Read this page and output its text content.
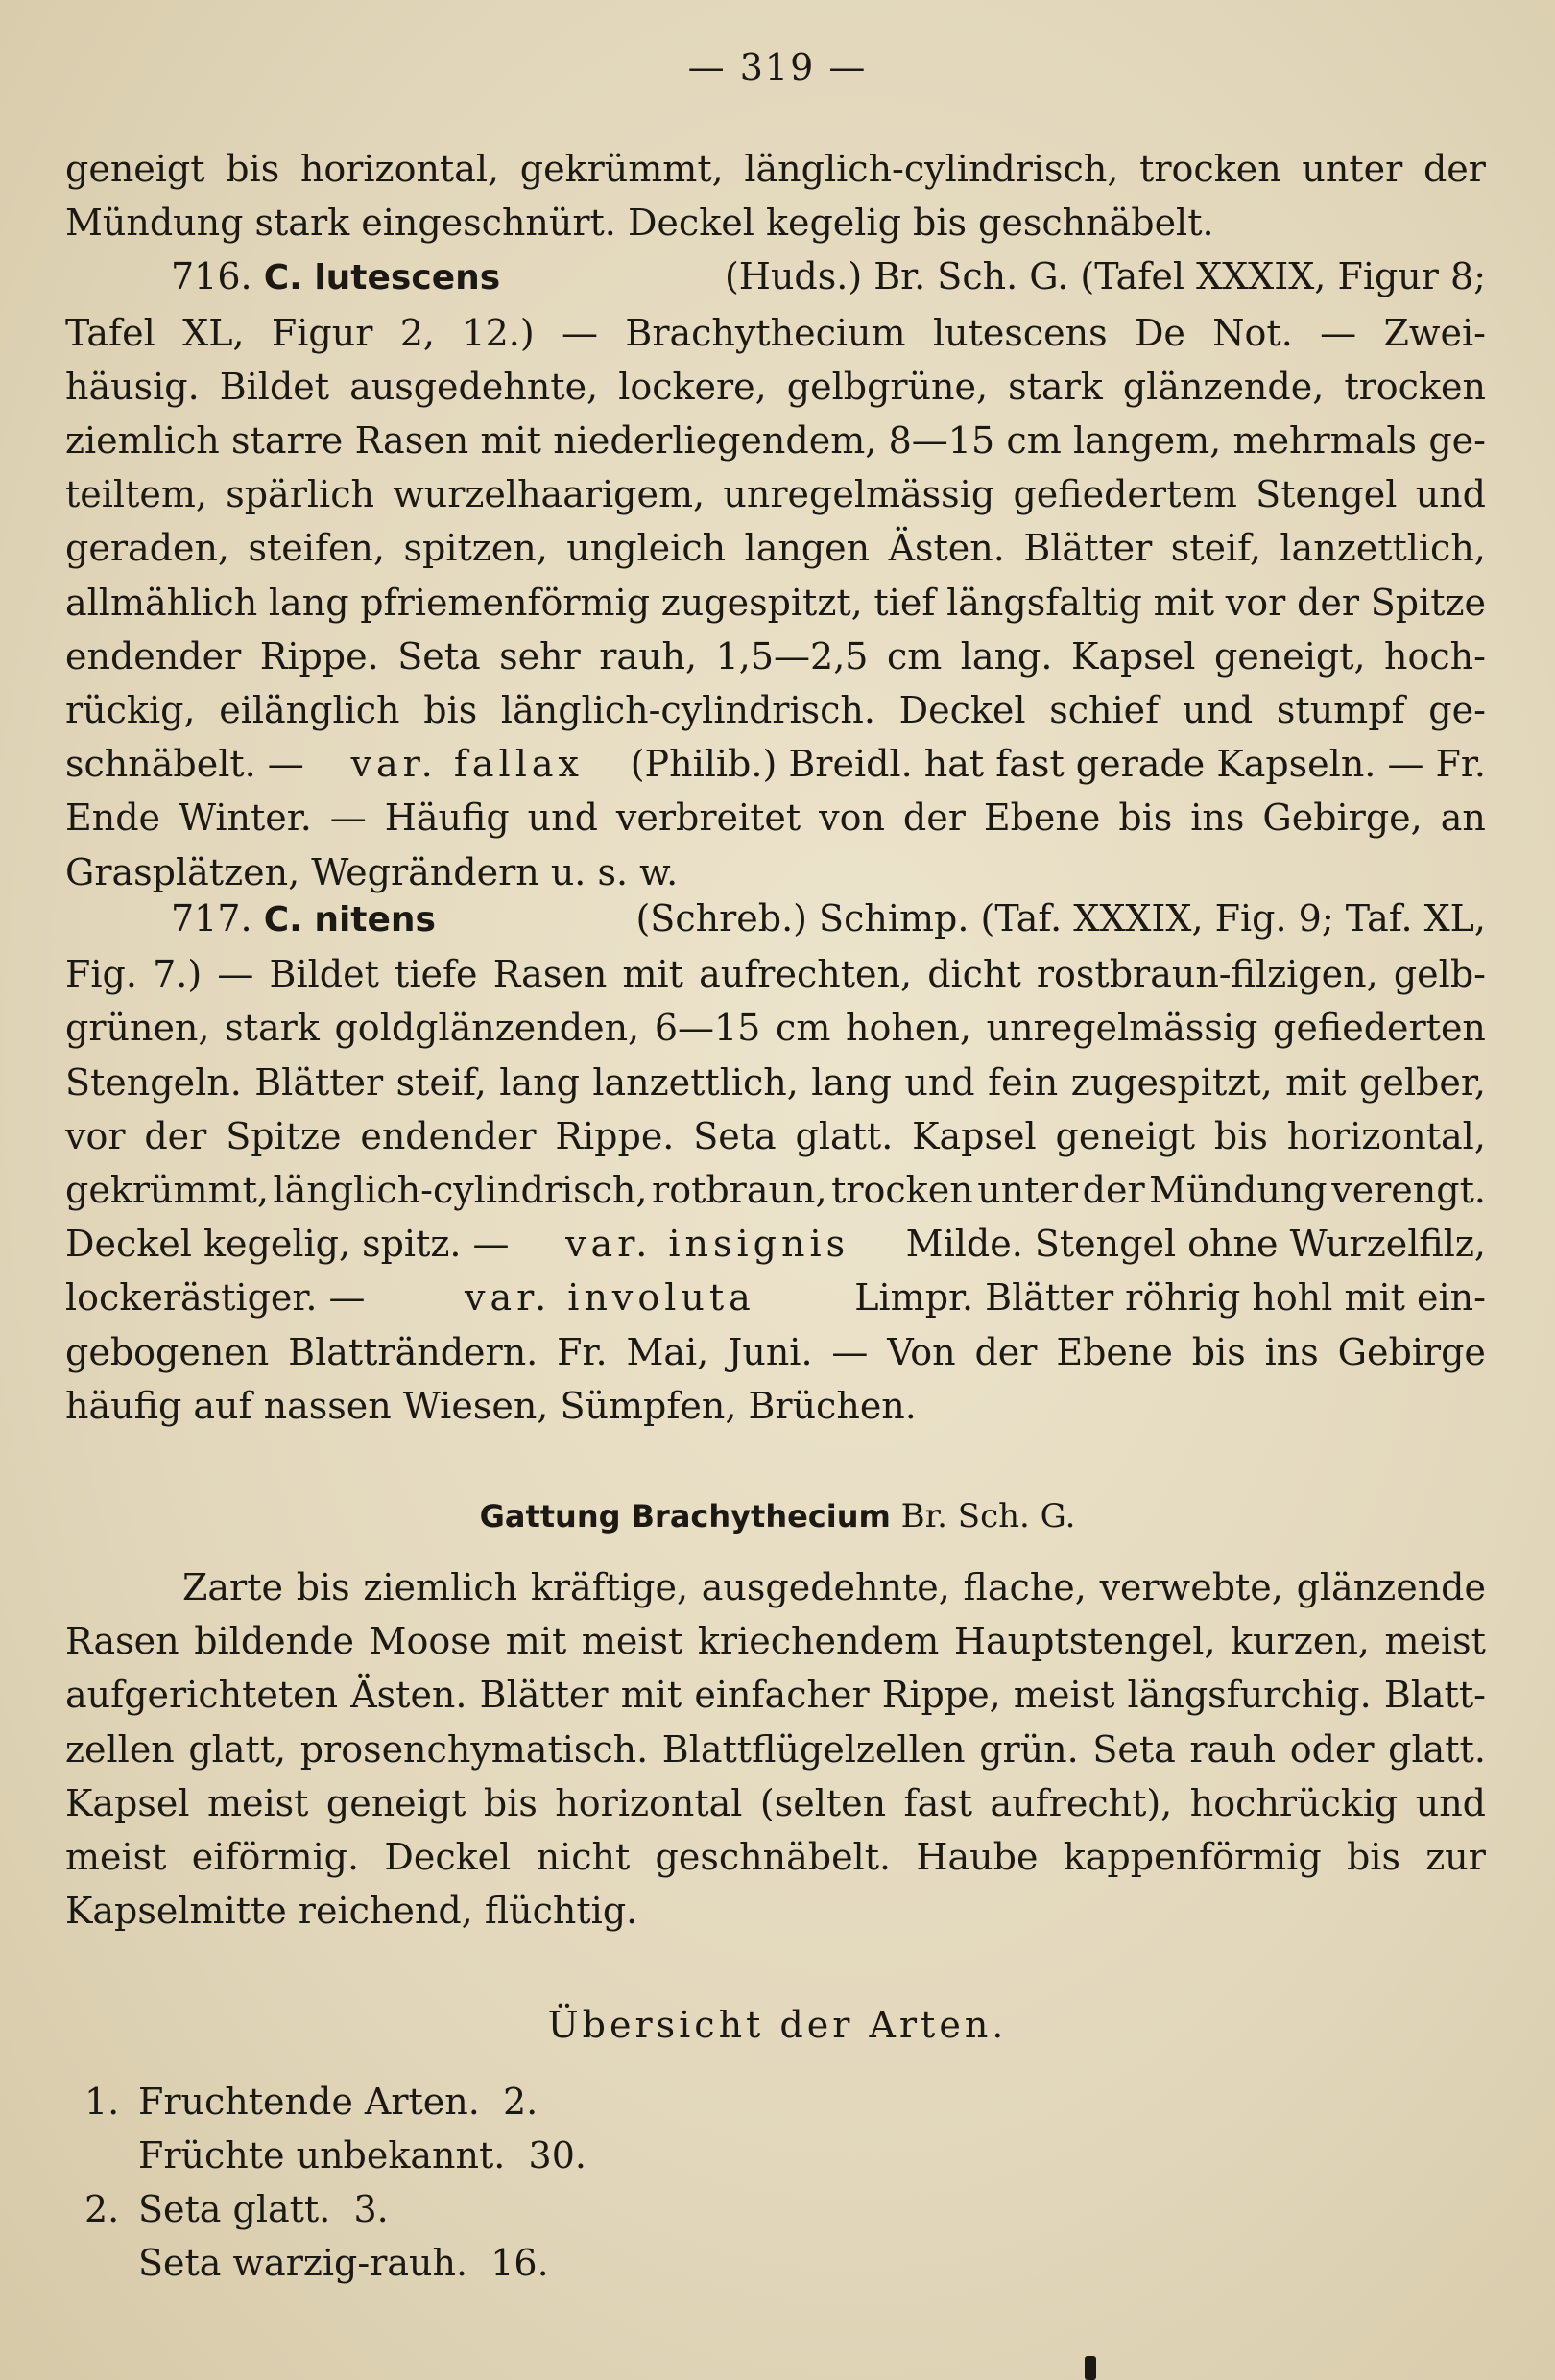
— 319 —
geneigt bis horizontal, gekrümmt, länglich-cylindrisch, trocken unter der
Mündung stark eingeschnürt. Deckel kegelig bis geschnäbelt.
716. C. lutescens	(Huds.) Br. Sch. G. (Tafel XXXIX, Figur 8;
Tafel XL, Figur 2, 12.) — Brachythecium lutescens De Not. — Zwei-
häusig. Bildet ausgedehnte, lockere, gelbgrüne, stark glänzende, trocken
ziemlich starre Rasen mit niederliegendem, 8—15 cm langem, mehrmals ge-
teiltem, spärlich wurzelhaarigem, unregelmässig gefiedertem Stengel und
geraden, steifen, spitzen, ungleich langen Ästen. Blätter steif, lanzettlich,
allmählich lang pfriemenförmig zugespitzt, tief längsfaltig mit vor der Spitze
endender Rippe. Seta sehr rauh, 1,5—2,5 cm lang. Kapsel geneigt, hoch-
rückig, eilänglich bis länglich-cylindrisch. Deckel schief und stumpf ge-
schnäbelt. — var. fallax (Philib.) Breidl. hat fast gerade Kapseln. — Fr.
Ende Winter. — Häufig und verbreitet von der Ebene bis ins Gebirge, an
Grasplätzen, Wegrändern u. s. w.
717. C. nitens	(Schreb.) Schimp. (Taf. XXXIX, Fig. 9; Taf. XL,
Fig. 7.) — Bildet tiefe Rasen mit aufrechten, dicht rostbraun-filzigen, gelb-
grünen, stark goldglänzenden, 6—15 cm hohen, unregelmässig gefiederten
Stengeln. Blätter steif, lang lanzettlich, lang und fein zugespitzt, mit gelber,
vor der Spitze endender Rippe. Seta glatt. Kapsel geneigt bis horizontal,
gekrümmt, länglich-cylindrisch, rotbraun, trocken unter der Mündung verengt.
Deckel kegelig, spitz. — var. insignis Milde. Stengel ohne Wurzelfilz,
lockerästiger. —	var. involuta	Limpr. Blätter röhrig hohl mit ein-
gebogenen Blatträndern. Fr. Mai, Juni. — Von der Ebene bis ins Gebirge
häufig auf nassen Wiesen, Sümpfen, Brüchen.
Gattung Brachythecium Br. Sch. G.
Zarte bis ziemlich kräftige, ausgedehnte, flache, verwebte, glänzende
Rasen bildende Moose mit meist kriechendem Hauptstengel, kurzen, meist
aufgerichteten Ästen. Blätter mit einfacher Rippe, meist längsfurchig. Blatt-
zellen glatt, prosenchymatisch. Blattflügelzellen grün. Seta rauh oder glatt.
Kapsel meist geneigt bis horizontal (selten fast aufrecht), hochrückig und
meist eiförmig. Deckel nicht geschnäbelt. Haube kappenförmig bis zur
Kapselmitte reichend, flüchtig.
Übersicht der Arten.
1. Fruchtende Arten. 2.
Früchte unbekannt. 30.
2. Seta glatt. 3.
Seta warzig-rauh. 16.
